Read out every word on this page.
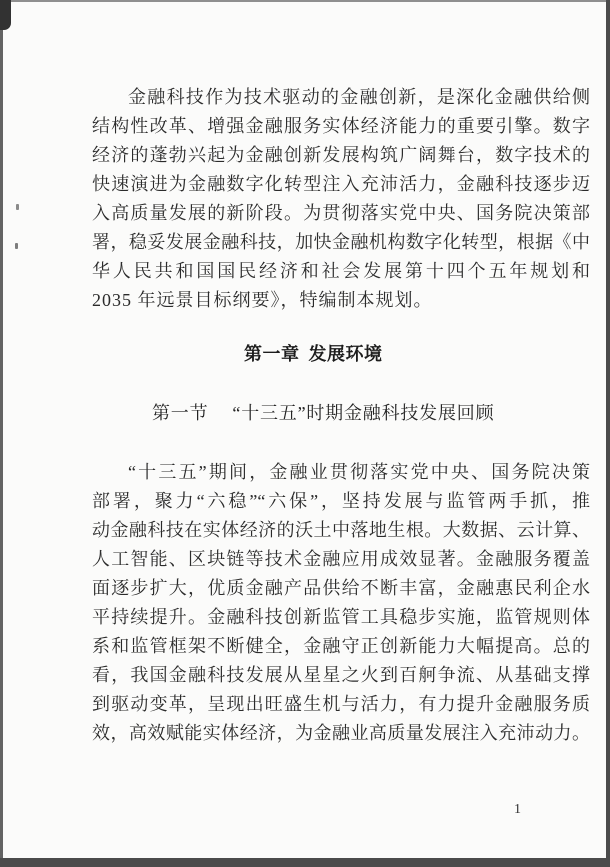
金融科技作为技术驱动的金融创新，是深化金融供给侧
结构性改革、增强金融服务实体经济能力的重要引擎。数字
经济的蓬勃兴起为金融创新发展构筑广阔舞台，数字技术的
快速演进为金融数字化转型注入充沛活力，金融科技逐步迈
入高质量发展的新阶段。为贯彻落实党中央、国务院决策部
署，稳妥发展金融科技，加快金融机构数字化转型，根据《中
华人民共和国国民经济和社会发展第十四个五年规划和
2035 年远景目标纲要》，特编制本规划。
第一章 发展环境
第一节 “十三五”时期金融科技发展回顾
“十三五”期间，金融业贯彻落实党中央、国务院决策
部署，聚力“六稳”“六保”，坚持发展与监管两手抓，推
动金融科技在实体经济的沃土中落地生根。大数据、云计算、
人工智能、区块链等技术金融应用成效显著。金融服务覆盖
面逐步扩大，优质金融产品供给不断丰富，金融惠民利企水
平持续提升。金融科技创新监管工具稳步实施，监管规则体
系和监管框架不断健全，金融守正创新能力大幅提高。总的
看，我国金融科技发展从星星之火到百舸争流、从基础支撑
到驱动变革，呈现出旺盛生机与活力，有力提升金融服务质
效，高效赋能实体经济，为金融业高质量发展注入充沛动力。
1
